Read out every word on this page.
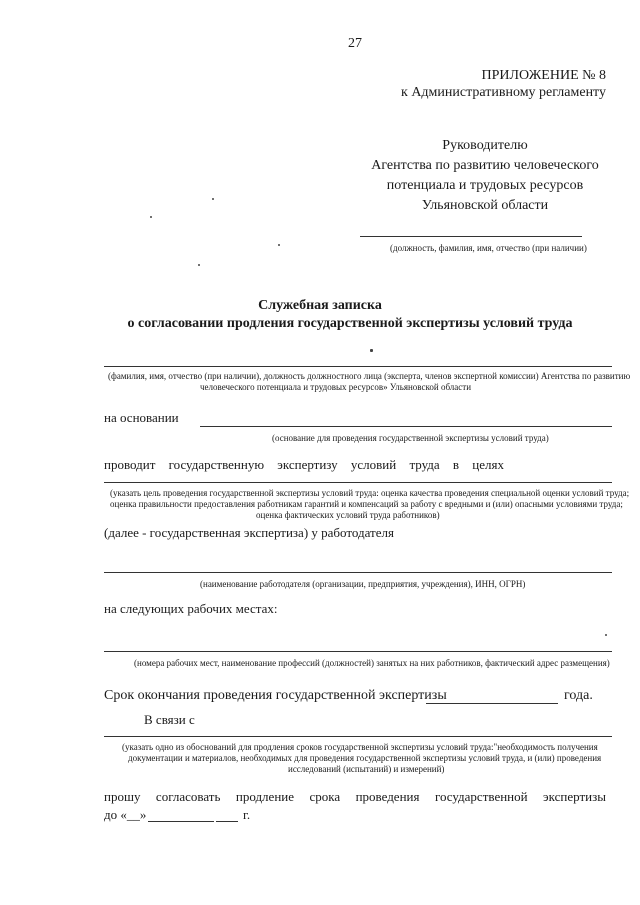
27
ПРИЛОЖЕНИЕ № 8
к Административному регламенту
Руководителю
Агентства по развитию человеческого
потенциала и трудовых ресурсов
Ульяновской области
(должность, фамилия, имя, отчество (при наличии)
Служебная записка
о согласовании продления государственной экспертизы условий труда
(фамилия, имя, отчество (при наличии), должность должностного лица (эксперта, членов экспертной комиссии) Агентства по развитию
человеческого потенциала и трудовых ресурсов» Ульяновской области
на основании
(основание для проведения государственной экспертизы условий труда)
проводит государственную экспертизу условий труда в целях
(указать цель проведения государственной экспертизы условий труда: оценка качества проведения специальной оценки условий труда;
оценка правильности предоставления работникам гарантий и компенсаций за работу с вредными и (или) опасными условиями труда;
оценка фактических условий труда работников)
(далее - государственная экспертиза) у работодателя
(наименование работодателя (организации, предприятия, учреждения), ИНН, ОГРН)
на следующих рабочих местах:
(номера рабочих мест, наименование профессий (должностей) занятых на них работников, фактический адрес размещения)
Срок окончания проведения государственной экспертизы	года.
В связи с
(указать одно из обоснований для продления сроков государственной экспертизы условий труда:"необходимость получения
документации и материалов, необходимых для проведения государственной экспертизы условий труда, и (или) проведения
исследований (испытаний) и измерений)
прошу согласовать продление срока проведения государственной экспертизы
до «__»	г.
